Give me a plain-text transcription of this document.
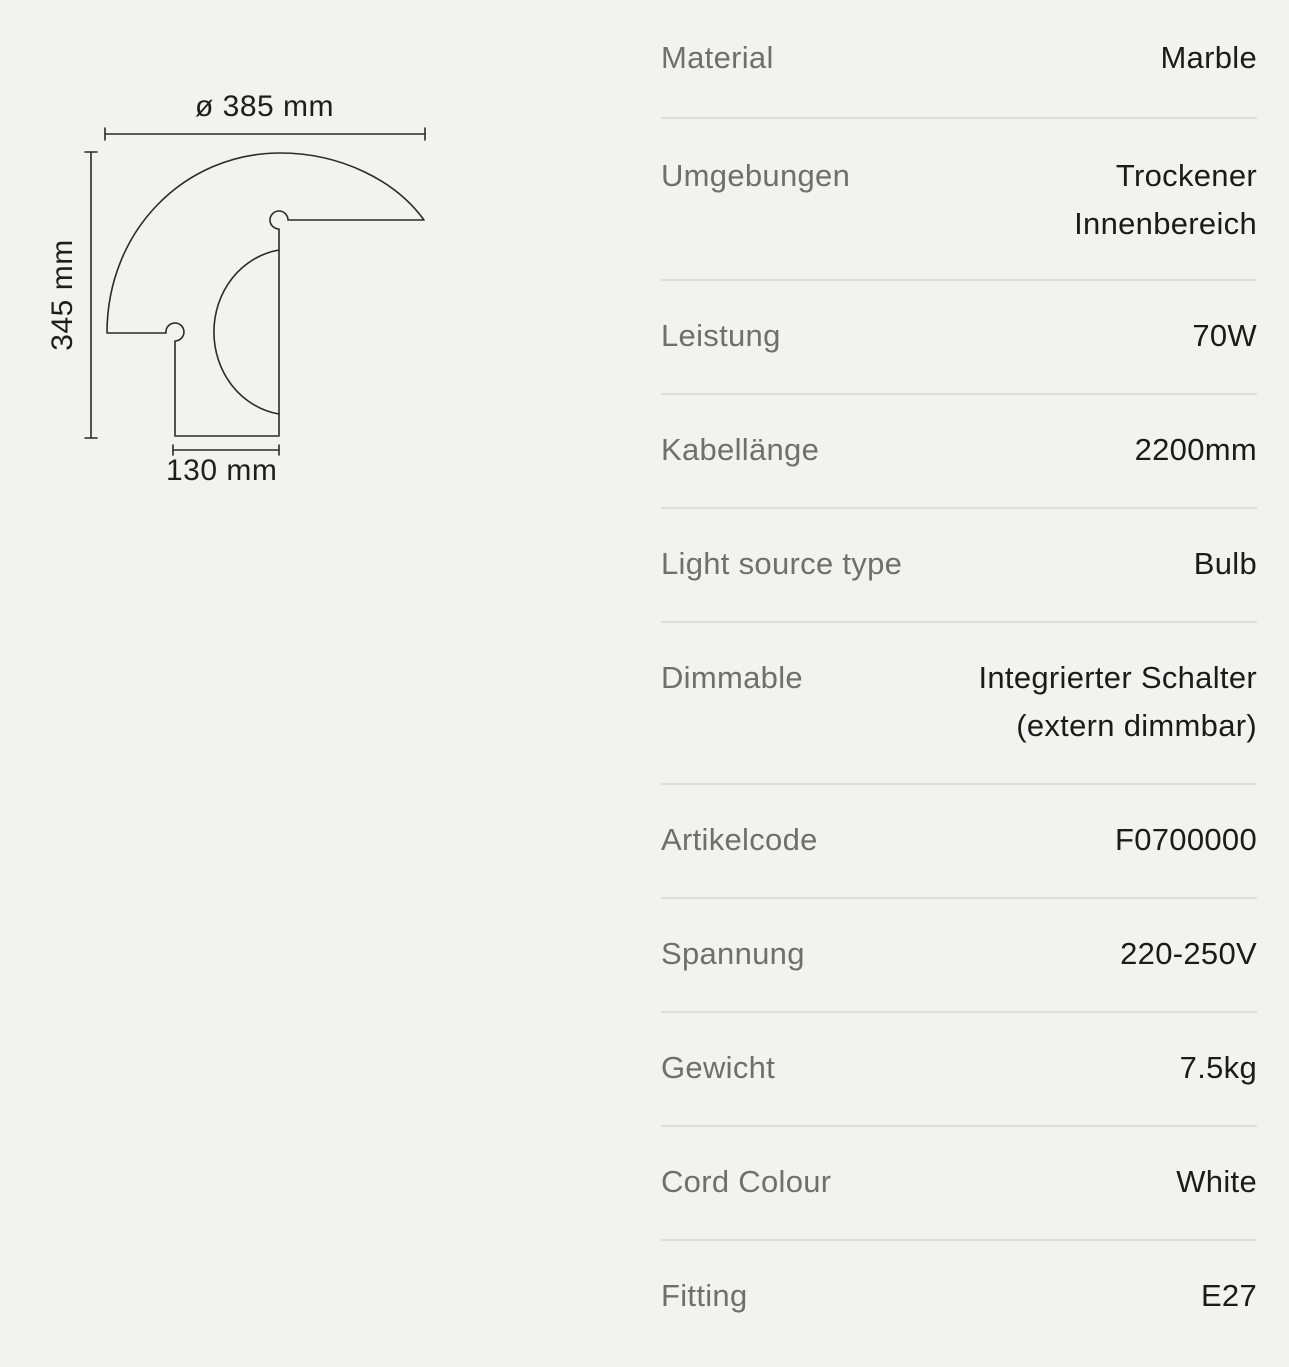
ø 385 mm
345 mm
130 mm
Material	Marble
Umgebungen	Trockener Innenbereich
Leistung	70W
Kabellänge	2200mm
Light source type	Bulb
Dimmable	Integrierter Schalter (extern dimmbar)
Artikelcode	F0700000
Spannung	220-250V
Gewicht	7.5kg
Cord Colour	White
Fitting	E27
